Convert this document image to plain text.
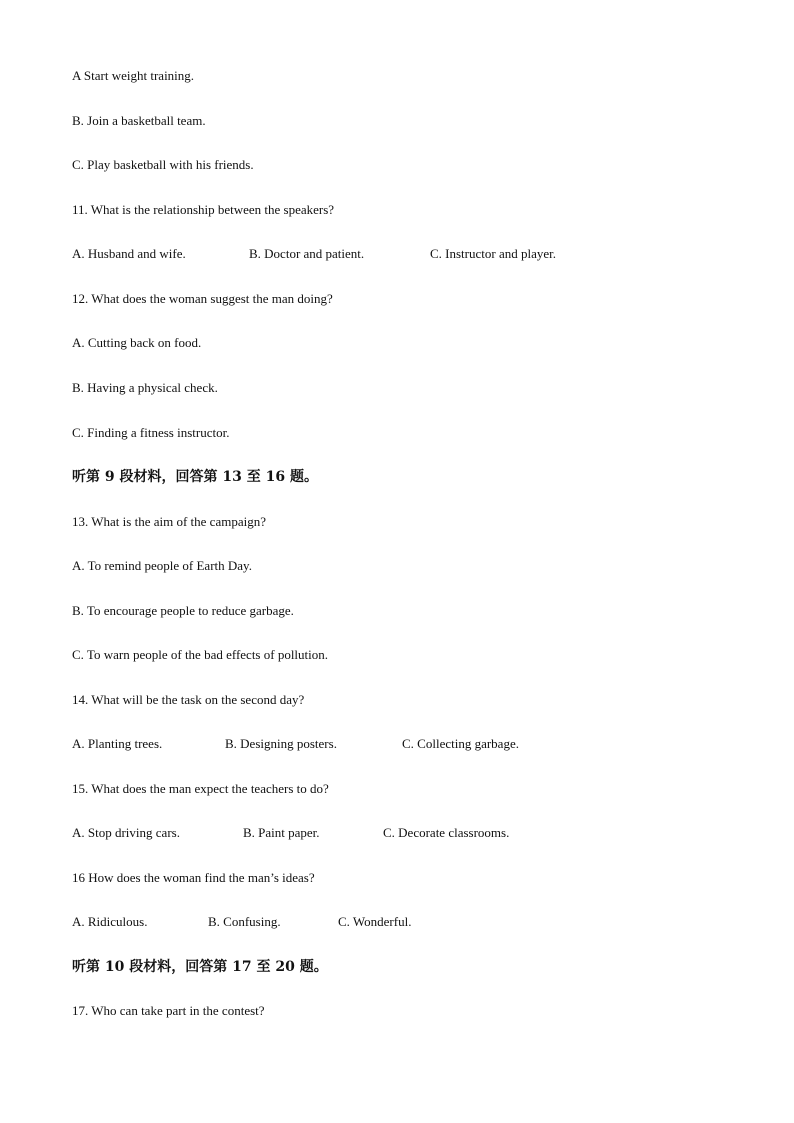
A Start weight training.
B. Join a basketball team.
C. Play basketball with his friends.
11. What is the relationship between the speakers?
A. Husband and wife.	B. Doctor and patient.	C. Instructor and player.
12. What does the woman suggest the man doing?
A. Cutting back on food.
B. Having a physical check.
C. Finding a fitness instructor.
听第 9 段材料，回答第 13 至 16 题。
13. What is the aim of the campaign?
A. To remind people of Earth Day.
B. To encourage people to reduce garbage.
C. To warn people of the bad effects of pollution.
14. What will be the task on the second day?
A. Planting trees.	B. Designing posters.	C. Collecting garbage.
15. What does the man expect the teachers to do?
A. Stop driving cars.	B. Paint paper.	C. Decorate classrooms.
16 How does the woman find the man’s ideas?
A. Ridiculous.	B. Confusing.	C. Wonderful.
听第 10 段材料，回答第 17 至 20 题。
17. Who can take part in the contest?
